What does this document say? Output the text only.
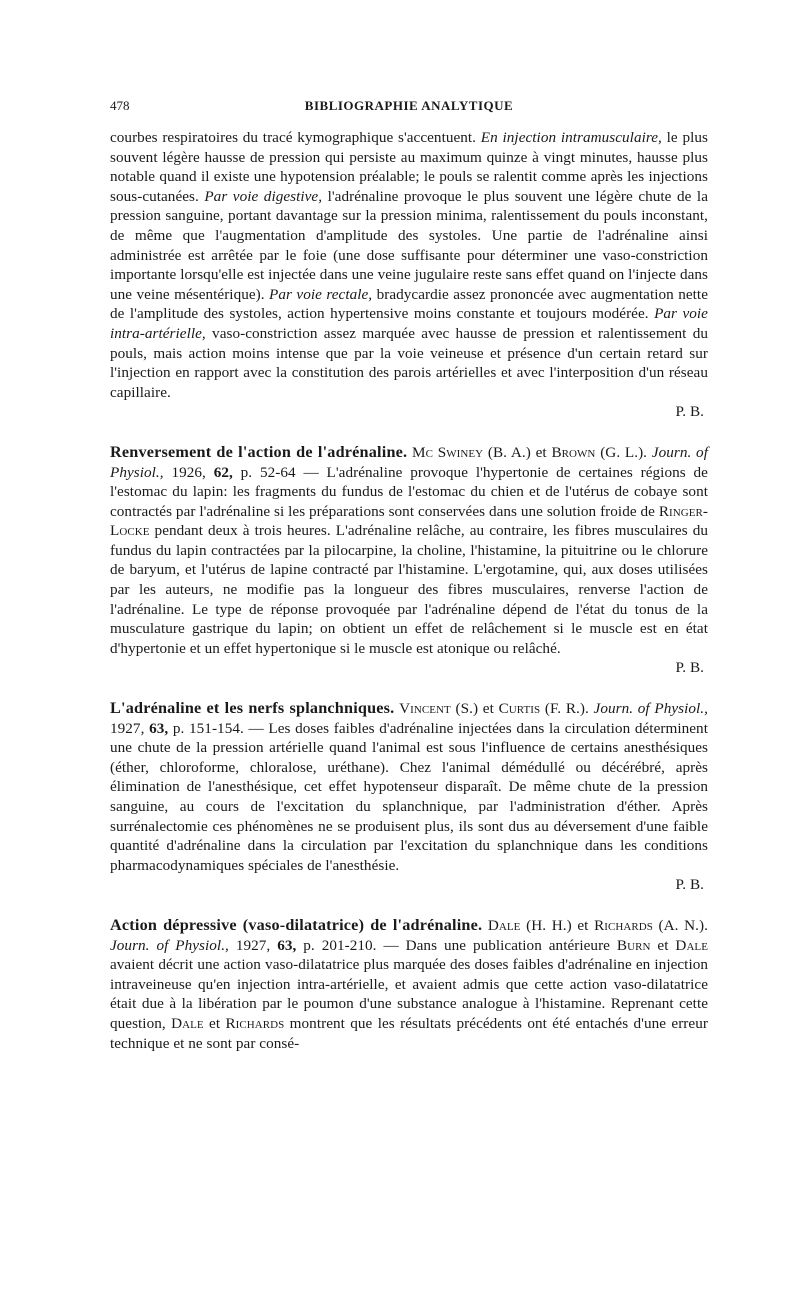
478	BIBLIOGRAPHIE ANALYTIQUE

courbes respiratoires du tracé kymographique s'accentuent. En injection intramusculaire, le plus souvent légère hausse de pression qui persiste au maximum quinze à vingt minutes, hausse plus notable quand il existe une hypotension préalable; le pouls se ralentit comme après les injections sous-cutanées. Par voie digestive, l'adrénaline provoque le plus souvent une légère chute de la pression sanguine, portant davantage sur la pression minima, ralentissement du pouls inconstant, de même que l'augmentation d'amplitude des systoles. Une partie de l'adrénaline ainsi administrée est arrêtée par le foie (une dose suffisante pour déterminer une vaso-constriction importante lorsqu'elle est injectée dans une veine jugulaire reste sans effet quand on l'injecte dans une veine mésentérique). Par voie rectale, bradycardie assez prononcée avec augmentation nette de l'amplitude des systoles, action hypertensive moins constante et toujours modérée. Par voie intra-artérielle, vaso-constriction assez marquée avec hausse de pression et ralentissement du pouls, mais action moins intense que par la voie veineuse et présence d'un certain retard sur l'injection en rapport avec la constitution des parois artérielles et avec l'interposition d'un réseau capillaire.

P. B.

Renversement de l'action de l'adrénaline. Mc Swiney (B. A.) et Brown (G. L.). Journ. of Physiol., 1926, 62, p. 52-64 — L'adrénaline provoque l'hypertonie de certaines régions de l'estomac du lapin: les fragments du fundus de l'estomac du chien et de l'utérus de cobaye sont contractés par l'adrénaline si les préparations sont conservées dans une solution froide de Ringer-Locke pendant deux à trois heures. L'adrénaline relâche, au contraire, les fibres musculaires du fundus du lapin contractées par la pilocarpine, la choline, l'histamine, la pituitrine ou le chlorure de baryum, et l'utérus de lapine contracté par l'histamine. L'ergotamine, qui, aux doses utilisées par les auteurs, ne modifie pas la longueur des fibres musculaires, renverse l'action de l'adrénaline. Le type de réponse provoquée par l'adrénaline dépend de l'état du tonus de la musculature gastrique du lapin; on obtient un effet de relâchement si le muscle est en état d'hypertonie et un effet hypertonique si le muscle est atonique ou relâché.

P. B.

L'adrénaline et les nerfs splanchniques. Vincent (S.) et Curtis (F. R.). Journ. of Physiol., 1927, 63, p. 151-154. — Les doses faibles d'adrénaline injectées dans la circulation déterminent une chute de la pression artérielle quand l'animal est sous l'influence de certains anesthésiques (éther, chloroforme, chloralose, uréthane). Chez l'animal démédullé ou décérébré, après élimination de l'anesthésique, cet effet hypotenseur disparaît. De même chute de la pression sanguine, au cours de l'excitation du splanchnique, par l'administration d'éther. Après surrénalectomie ces phénomènes ne se produisent plus, ils sont dus au déversement d'une faible quantité d'adrénaline dans la circulation par l'excitation du splanchnique dans les conditions pharmacodynamiques spéciales de l'anesthésie.

P. B.

Action dépressive (vaso-dilatatrice) de l'adrénaline. Dale (H. H.) et Richards (A. N.). Journ. of Physiol., 1927, 63, p. 201-210. — Dans une publication antérieure Burn et Dale avaient décrit une action vaso-dilatatrice plus marquée des doses faibles d'adrénaline en injection intraveineuse qu'en injection intra-artérielle, et avaient admis que cette action vaso-dilatatrice était due à la libération par le poumon d'une substance analogue à l'histamine. Reprenant cette question, Dale et Richards montrent que les résultats précédents ont été entachés d'une erreur technique et ne sont par consé-
